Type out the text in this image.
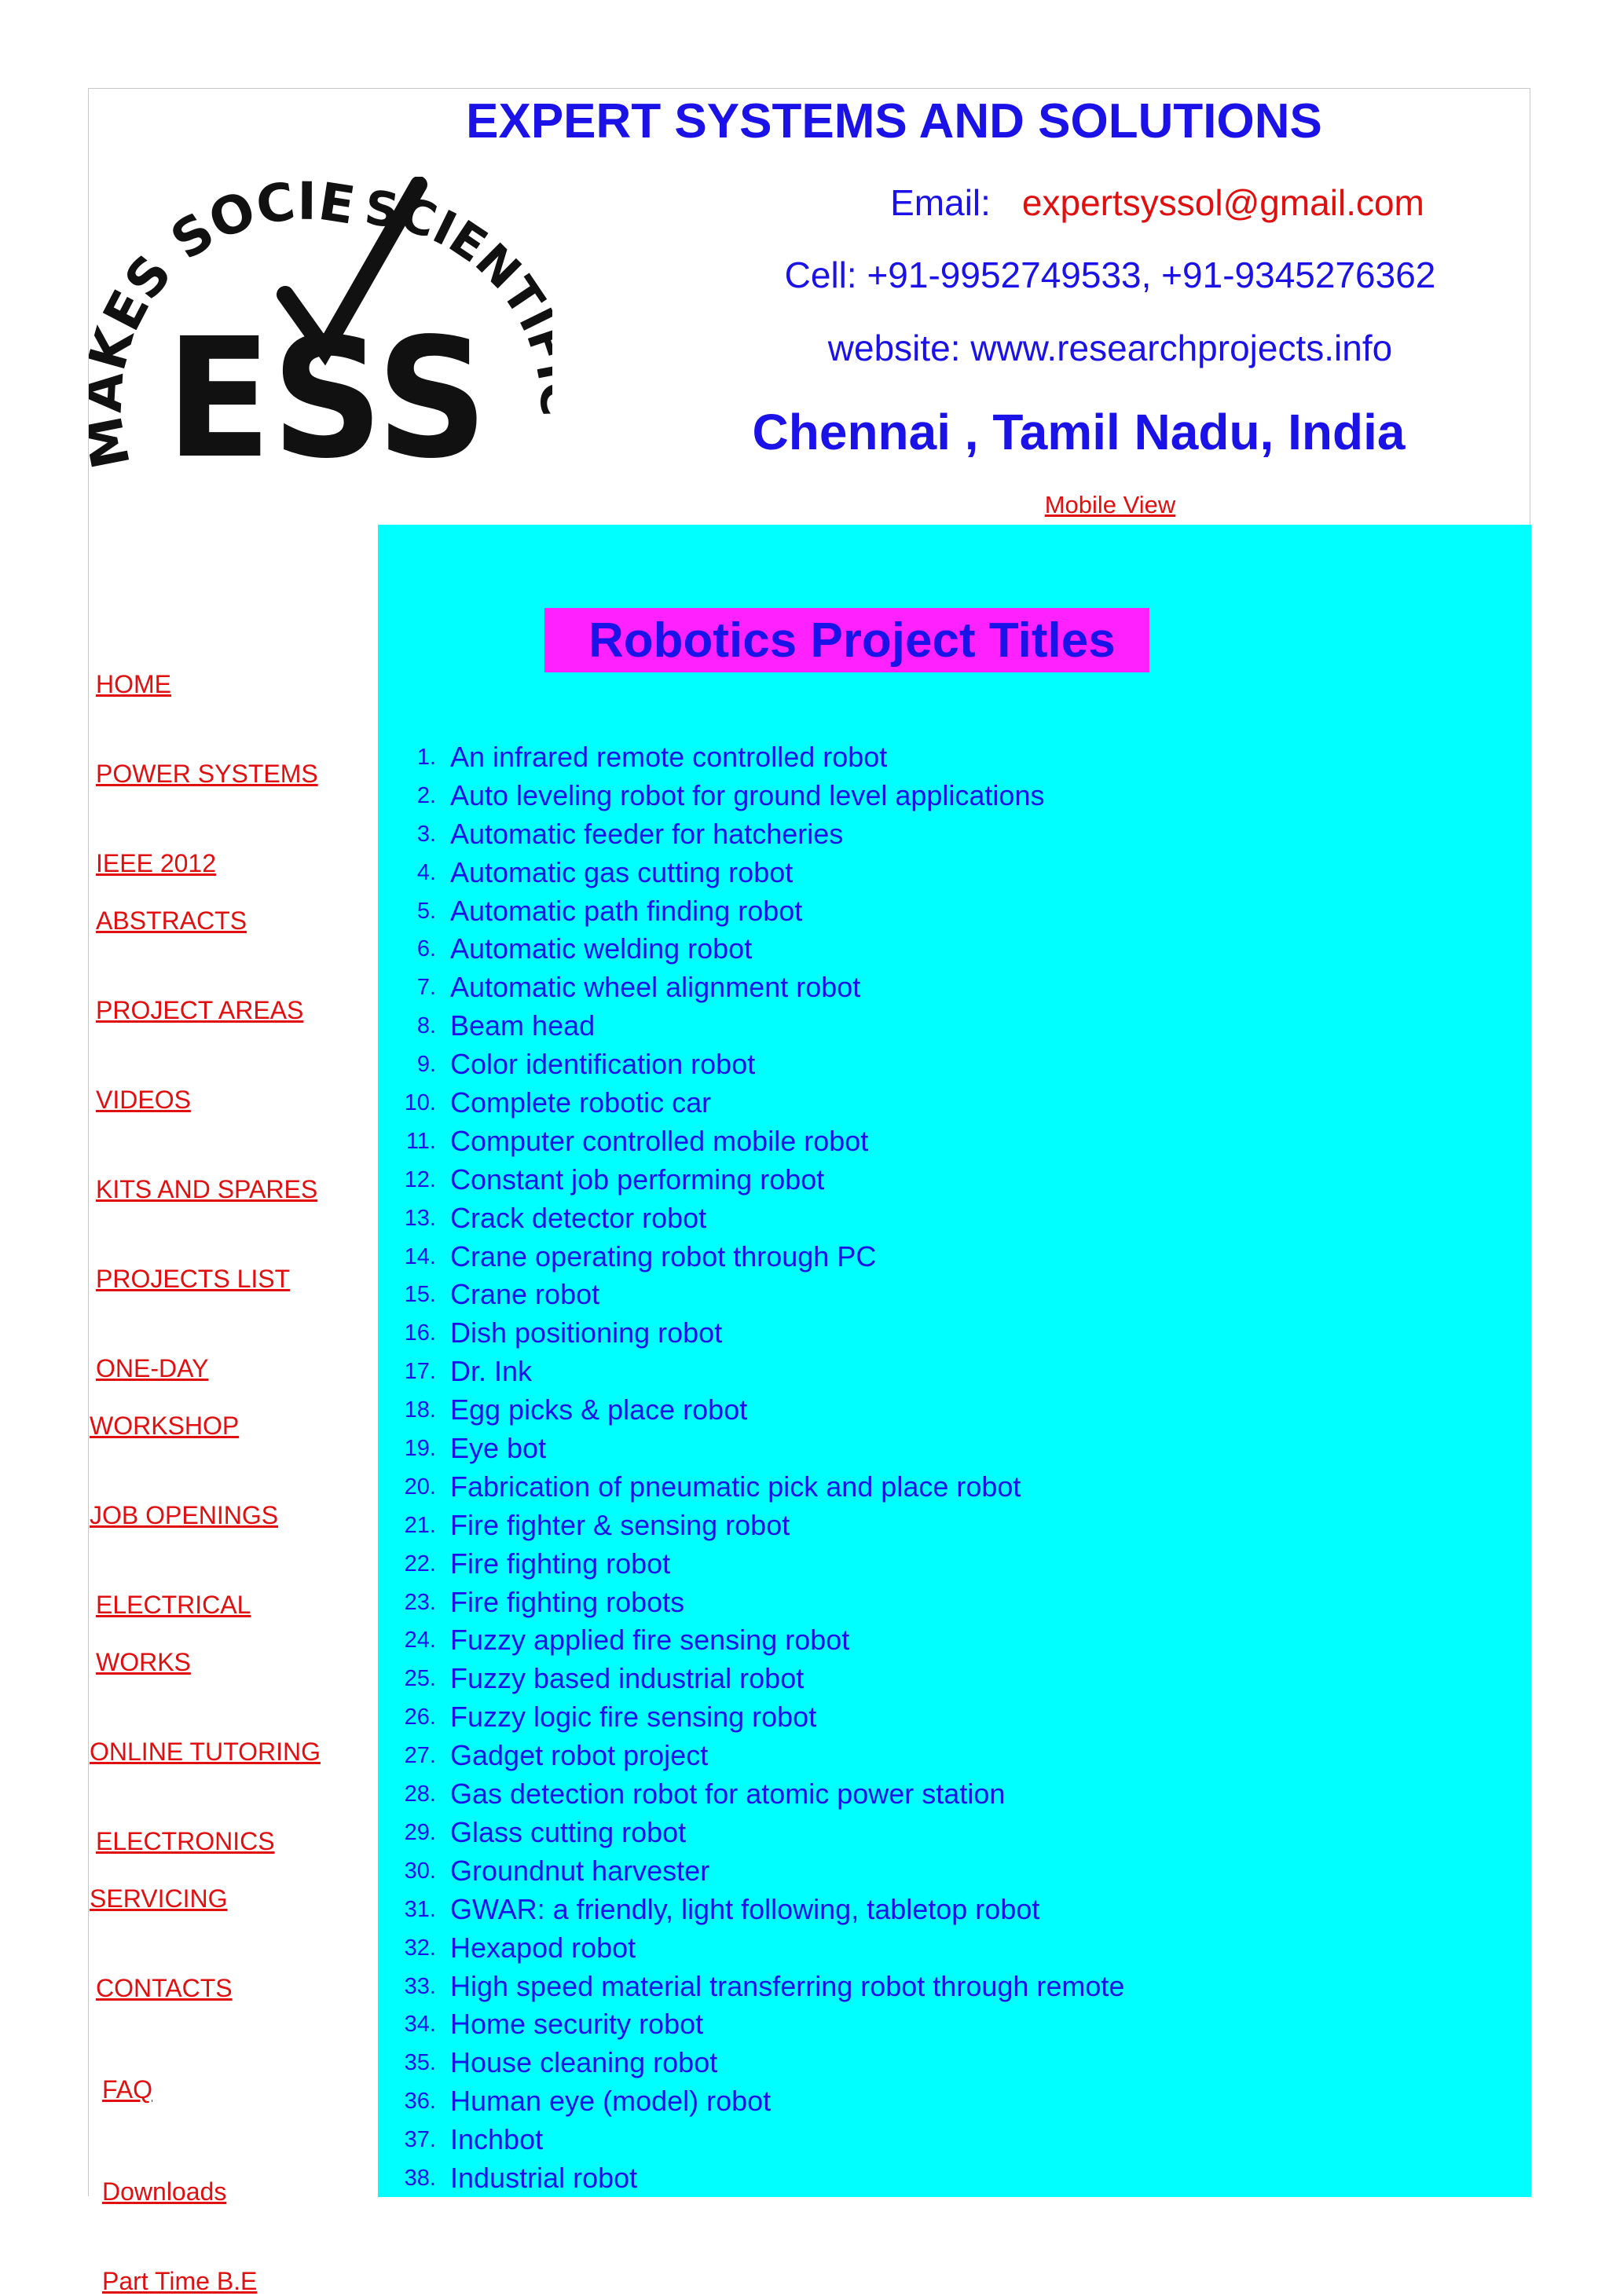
EXPERT SYSTEMS AND SOLUTIONS
ES SOCIE SCIENT
ESS
Email: expertsyssol@gmail.com
Cell: +91-9952749533, +91-9345276362
website: www.researchprojects.info
Chennai , Tamil Nadu, India
Mobile View
HOME
POWER SYSTEMS
IEEE 2012
ABSTRACTS
PROJECT AREAS
VIDEOS
KITS AND SPARES
PROJECTS LIST
ONE-DAY
WORKSHOP
JOB OPENINGS
ELECTRICAL
WORKS
ONLINE TUTORING
ELECTRONICS
SERVICING
CONTACTS
FAQ
Downloads
Part Time B.E
Robotics Project Titles
1. An infrared remote controlled robot
2. Auto leveling robot for ground level applications
3. Automatic feeder for hatcheries
4. Automatic gas cutting robot
5. Automatic path finding robot
6. Automatic welding robot
7. Automatic wheel alignment robot
8. Beam head
9. Color identification robot
10. Complete robotic car
11. Computer controlled mobile robot
12. Constant job performing robot
13. Crack detector robot
14. Crane operating robot through PC
15. Crane robot
16. Dish positioning robot
17. Dr. Ink
18. Egg picks & place robot
19. Eye bot
20. Fabrication of pneumatic pick and place robot
21. Fire fighter & sensing robot
22. Fire fighting robot
23. Fire fighting robots
24. Fuzzy applied fire sensing robot
25. Fuzzy based industrial robot
26. Fuzzy logic fire sensing robot
27. Gadget robot project
28. Gas detection robot for atomic power station
29. Glass cutting robot
30. Groundnut harvester
31. GWAR: a friendly, light following, tabletop robot
32. Hexapod robot
33. High speed material transferring robot through remote
34. Home security robot
35. House cleaning robot
36. Human eye (model) robot
37. Inchbot
38. Industrial robot
